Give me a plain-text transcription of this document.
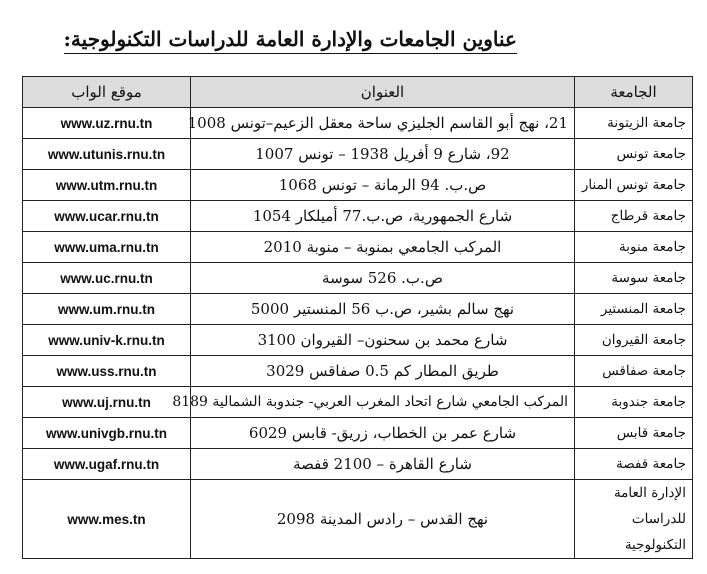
عناوين الجامعات والإدارة العامة للدراسات التكنولوجية:
الجامعة	العنوان	موقع الواب
جامعة الزيتونة	21، نهج أبو القاسم الجليزي ساحة معقل الزعيم–تونس 1008	www.uz.rnu.tn
جامعة تونس	92، شارع 9 أفريل 1938 – تونس 1007	www.utunis.rnu.tn
جامعة تونس المنار	ص.ب. 94 الرمانة – تونس 1068	www.utm.rnu.tn
جامعة قرطاج	شارع الجمهورية، ص.ب.77 أميلكار 1054	www.ucar.rnu.tn
جامعة منوبة	المركب الجامعي بمنوبة – منوبة 2010	www.uma.rnu.tn
جامعة سوسة	ص.ب. 526 سوسة	www.uc.rnu.tn
جامعة المنستير	نهج سالم بشير، ص.ب 56 المنستير 5000	www.um.rnu.tn
جامعة القيروان	شارع محمد بن سحنون– القيروان 3100	www.univ-k.rnu.tn
جامعة صفاقس	طريق المطار كم 0.5 صفاقس 3029	www.uss.rnu.tn
جامعة جندوبة	المركب الجامعي شارع اتحاد المغرب العربي- جندوبة الشمالية 8189	www.uj.rnu.tn
جامعة قابس	شارع عمر بن الخطاب، زريق- قابس 6029	www.univgb.rnu.tn
جامعة قفصة	شارع القاهرة – 2100 قفصة	www.ugaf.rnu.tn
الإدارة العامة للدراسات التكنولوجية	نهج القدس – رادس المدينة 2098	www.mes.tn
